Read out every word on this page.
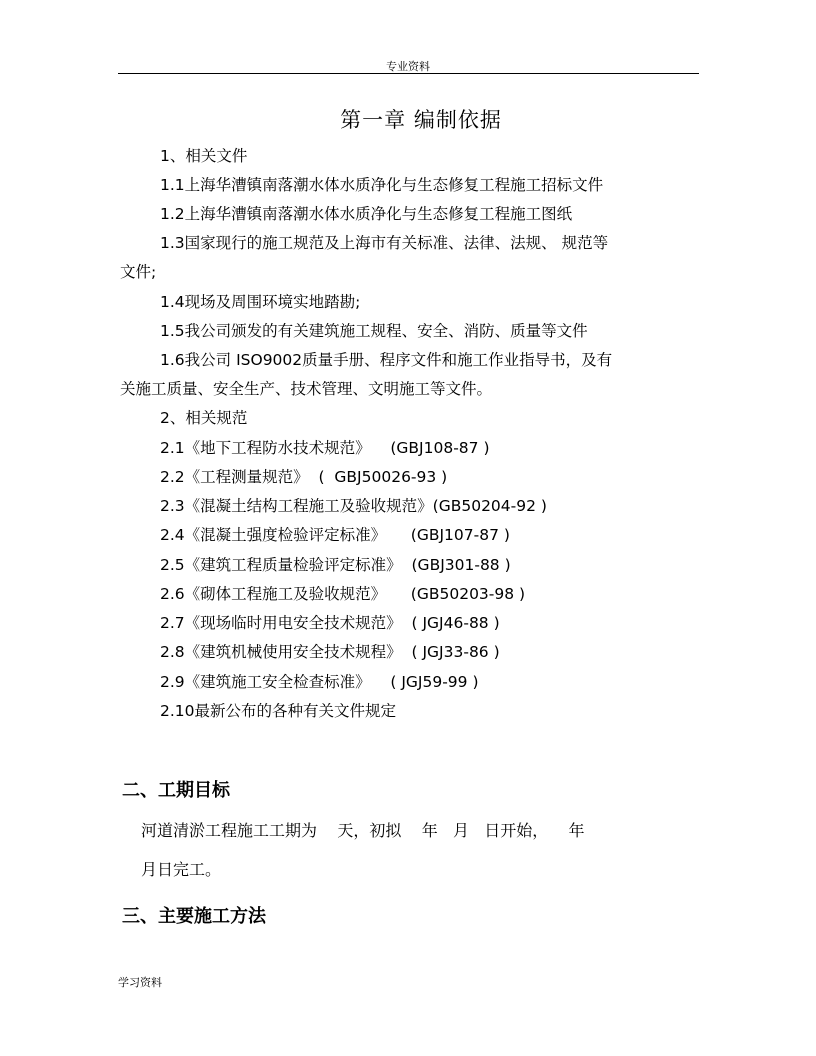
专业资料
第一章 编制依据
1、相关文件
1.1上海华漕镇南落潮水体水质净化与生态修复工程施工招标文件
1.2上海华漕镇南落潮水体水质净化与生态修复工程施工图纸
1.3国家现行的施工规范及上海市有关标准、法律、法规、 规范等
文件;
1.4现场及周围环境实地踏勘;
1.5我公司颁发的有关建筑施工规程、安全、消防、质量等文件
1.6我公司 ISO9002质量手册、程序文件和施工作业指导书，及有
关施工质量、安全生产、技术管理、文明施工等文件。
2、相关规范
2.1《地下工程防水技术规范》    (GBJ108-87 )
2.2《工程测量规范》  (  GBJ50026-93 )
2.3《混凝土结构工程施工及验收规范》(GB50204-92 )
2.4《混凝土强度检验评定标准》     (GBJ107-87 )
2.5《建筑工程质量检验评定标准》  (GBJ301-88 )
2.6《砌体工程施工及验收规范》     (GB50203-98 )
2.7《现场临时用电安全技术规范》  ( JGJ46-88 )
2.8《建筑机械使用安全技术规程》  ( JGJ33-86 )
2.9《建筑施工安全检查标准》    ( JGJ59-99 )
2.10最新公布的各种有关文件规定
二、工期目标
河道清淤工程施工工期为    天，初拟    年   月   日开始，    年
月日完工。
三、主要施工方法
学习资料
